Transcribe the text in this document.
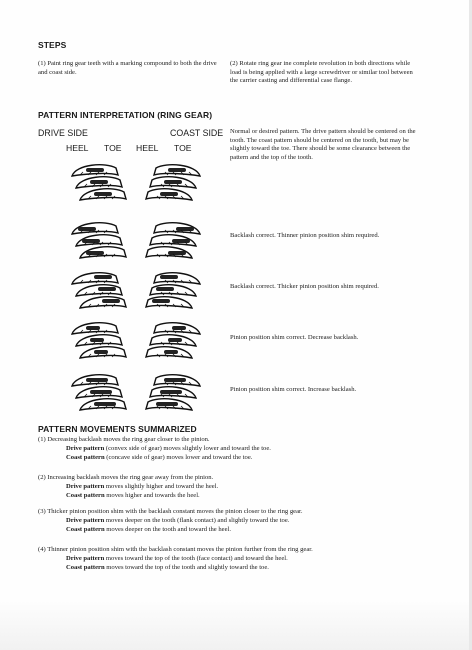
STEPS
(1) Paint ring gear teeth with a marking compound to both the drive and coast side.
(2) Rotate ring gear ine complete revolution in both directions while load is being applied with a large screwdriver or similar tool between the carrier casting and differential case flange.
PATTERN INTERPRETATION (RING GEAR)
DRIVE SIDE	COAST SIDE
HEEL TOE HEEL TOE
Normal or desired pattern. The drive pattern should be centered on the tooth. The coast pattern should be centered on the tooth, but may be slightly toward the toe. There should be some clearance between the pattern and the top of the tooth.
Backlash correct. Thinner pinion position shim required.
Backlash correct. Thicker pinion position shim required.
Pinion position shim correct. Decrease backlash.
Pinion position shim correct. Increase backlash.
PATTERN MOVEMENTS SUMMARIZED
(1) Decreasing backlash moves the ring gear closer to the pinion.
Drive pattern (convex side of gear) moves slightly lower and toward the toe.
Coast pattern (concave side of gear) moves lower and toward the toe.
(2) Increasing backlash moves the ring gear away from the pinion.
Drive pattern moves slightly higher and toward the heel.
Coast pattern moves higher and towards the heel.
(3) Thicker pinion position shim with the backlash constant moves the pinion closer to the ring gear.
Drive pattern moves deeper on the tooth (flank contact) and slightly toward the toe.
Coast pattern moves deeper on the tooth and toward the heel.
(4) Thinner pinion position shim with the backlash constant moves the pinion further from the ring gear.
Drive pattern moves toward the top of the tooth (face contact) and toward the heel.
Coast pattern moves toward the top of the tooth and slightly toward the toe.
